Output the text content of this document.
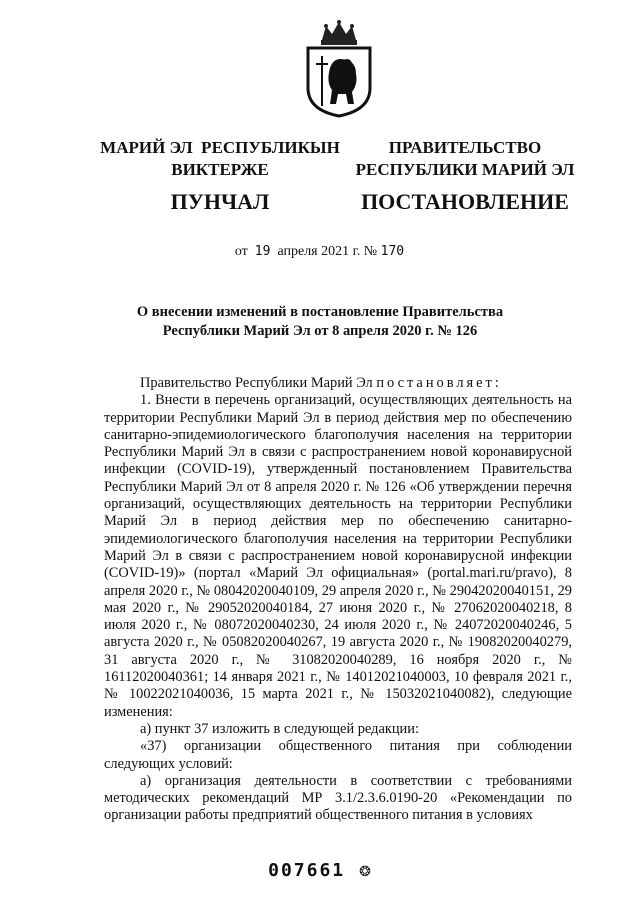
МАРИЙ ЭЛ  РЕСПУБЛИКЫН
ВИКТЕРЖЕ
ПУНЧАЛ
ПРАВИТЕЛЬСТВО
РЕСПУБЛИКИ МАРИЙ ЭЛ
ПОСТАНОВЛЕНИЕ
от 19 апреля 2021 г. № 170
О внесении изменений в постановление Правительства
Республики Марий Эл от 8 апреля 2020 г. № 126

Правительство Республики Марий Эл постановляет:

1. Внести в перечень организаций, осуществляющих деятельность на территории Республики Марий Эл в период действия мер по обеспечению санитарно-эпидемиологического благополучия населения на территории Республики Марий Эл в связи с распространением новой коронавирусной инфекции (COVID-19), утвержденный постановлением Правительства Республики Марий Эл от 8 апреля 2020 г. № 126 «Об утверждении перечня организаций, осуществляющих деятельность на территории Республики Марий Эл в период действия мер по обеспечению санитарно-эпидемиологического благополучия населения на территории Республики Марий Эл в связи с распространением новой коронавирусной инфекции (COVID-19)» (портал «Марий Эл официальная» (portal.mari.ru/pravo), 8 апреля 2020 г., № 08042020040109, 29 апреля 2020 г., № 29042020040151, 29 мая 2020 г., № 29052020040184, 27 июня 2020 г., № 27062020040218, 8 июля 2020 г., № 08072020040230, 24 июля 2020 г., № 24072020040246, 5 августа 2020 г., № 05082020040267, 19 августа 2020 г., № 19082020040279, 31 августа 2020 г., № 31082020040289, 16 ноября 2020 г., № 16112020040361; 14 января 2021 г., № 14012021040003, 10 февраля 2021 г., № 10022021040036, 15 марта 2021 г., № 15032021040082), следующие изменения:

а) пункт 37 изложить в следующей редакции:

«37) организации общественного питания при соблюдении следующих условий:

а) организация деятельности в соответствии с требованиями методических рекомендаций МР 3.1/2.3.6.0190-20 «Рекомендации по организации работы предприятий общественного питания в условиях

007661 ❂
